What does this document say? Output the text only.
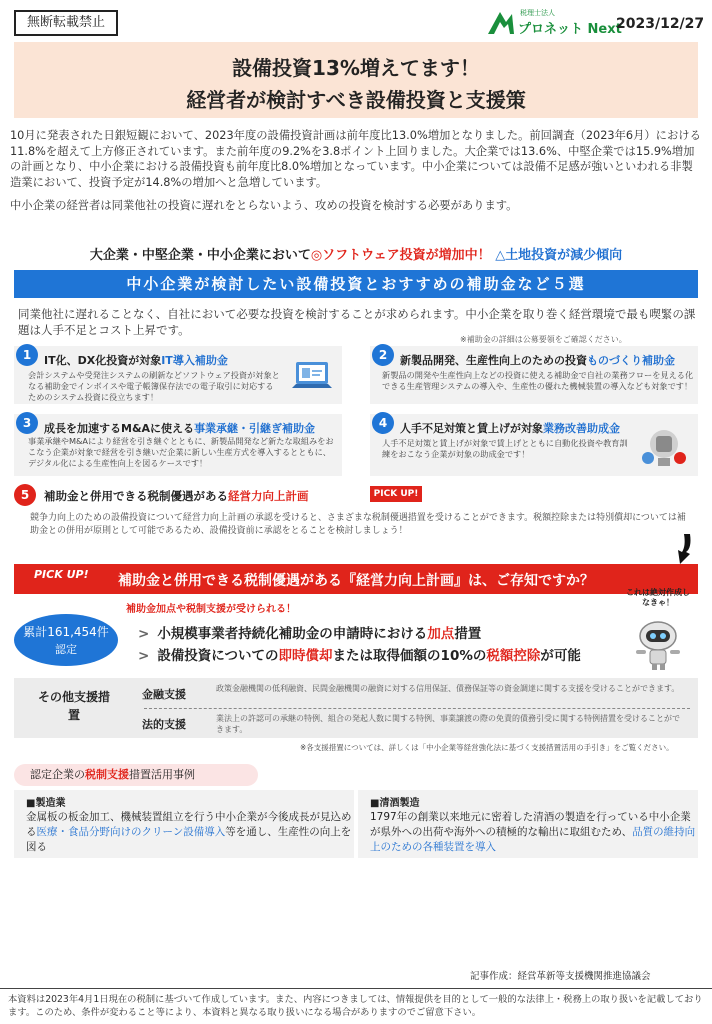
無断転載禁止
税理士法人
プロネット Next
2023/12/27
設備投資13%増えてます！
経営者が検討すべき設備投資と支援策
10月に発表された日銀短観において、2023年度の設備投資計画は前年度比13.0%増加となりました。前回調査（2023年6月）における11.8%を超えて上方修正されています。また前年度の9.2%を3.8ポイント上回りました。大企業では13.6%、中堅企業では15.9%増加の計画となり、中小企業における設備投資も前年度比8.0%増加となっています。中小企業については設備不足感が強いといわれる非製造業において、投資予定が14.8%の増加へと急増しています。
中小企業の経営者は同業他社の投資に遅れをとらないよう、攻めの投資を検討する必要があります。
大企業・中堅企業・中小企業において◎ソフトウェア投資が増加中！ △土地投資が減少傾向
中小企業が検討したい設備投資とおすすめの補助金など５選
同業他社に遅れることなく、自社において必要な投資を検討することが求められます。中小企業を取り巻く経営環境で最も喫緊の課題は人手不足とコスト上昇です。
※補助金の詳細は公募要領をご確認ください。
1	IT化、DX化投資が対象IT導入補助金
会計システムや受発注システムの刷新などソフトウェア投資が対象となる補助金でインボイスや電子帳簿保存法での電子取引に対応するためのシステム投資に役立ちます！
2	新製品開発、生産性向上のための投資ものづくり補助金
新製品の開発や生産性向上などの投資に使える補助金で自社の業務フローを見える化できる生産管理システムの導入や、生産性の優れた機械装置の導入なども対象です！
3	成長を加速するM&Aに使える事業承継・引継ぎ補助金
事業承継やM&Aにより経営を引き継ぐとともに、新製品開発など新たな取組みをおこなう企業が対象で経営を引き継いだ企業に新しい生産方式を導入するとともに、デジタル化による生産性向上を図るケースです！
4	人手不足対策と賃上げが対象業務改善助成金
人手不足対策と賃上げが対象で賃上げとともに自動化投資や教育訓練をおこなう企業が対象の助成金です！
5	補助金と併用できる税制優遇がある経営力向上計画	PICK UP!
競争力向上のための設備投資について経営力向上計画の承認を受けると、さまざまな税制優遇措置を受けることができます。税額控除または特別償却については補助金との併用が原則として可能であるため、設備投資前に承認をとることを検討しましょう！
PICK UP! 補助金と併用できる税制優遇がある『経営力向上計画』は、ご存知ですか？
累計161,454件
認定
補助金加点や税制支援が受けられる！
> 小規模事業者持続化補助金の申請時における加点措置
> 設備投資についての即時償却または取得価額の10%の税額控除が可能
これは絶対作成しなきゃ！
その他支援措置
金融支援	政策金融機関の低利融資、民間金融機関の融資に対する信用保証、債務保証等の資金調達に関する支援を受けることができます。
法的支援	業法上の許認可の承継の特例、組合の発起人数に関する特例、事業譲渡の際の免責的債務引受に関する特例措置を受けることができます。
※各支援措置については、詳しくは「中小企業等経営強化法に基づく支援措置活用の手引き」をご覧ください。
認定企業の税制支援措置活用事例
■製造業
金属板の板金加工、機械装置組立を行う中小企業が今後成長が見込める医療・食品分野向けのクリーン設備導入等を通し、生産性の向上を図る
■清酒製造
1797年の創業以来地元に密着した清酒の製造を行っている中小企業が県外への出荷や海外への積極的な輸出に取組むため、品質の維持向上のための各種装置を導入
記事作成：経営革新等支援機関推進協議会
本資料は2023年4月1日現在の税制に基づいて作成しています。また、内容につきましては、情報提供を目的として一般的な法律上・税務上の取り扱いを記載しております。このため、条件が変わること等により、本資料と異なる取り扱いになる場合がありますのでご留意下さい。
